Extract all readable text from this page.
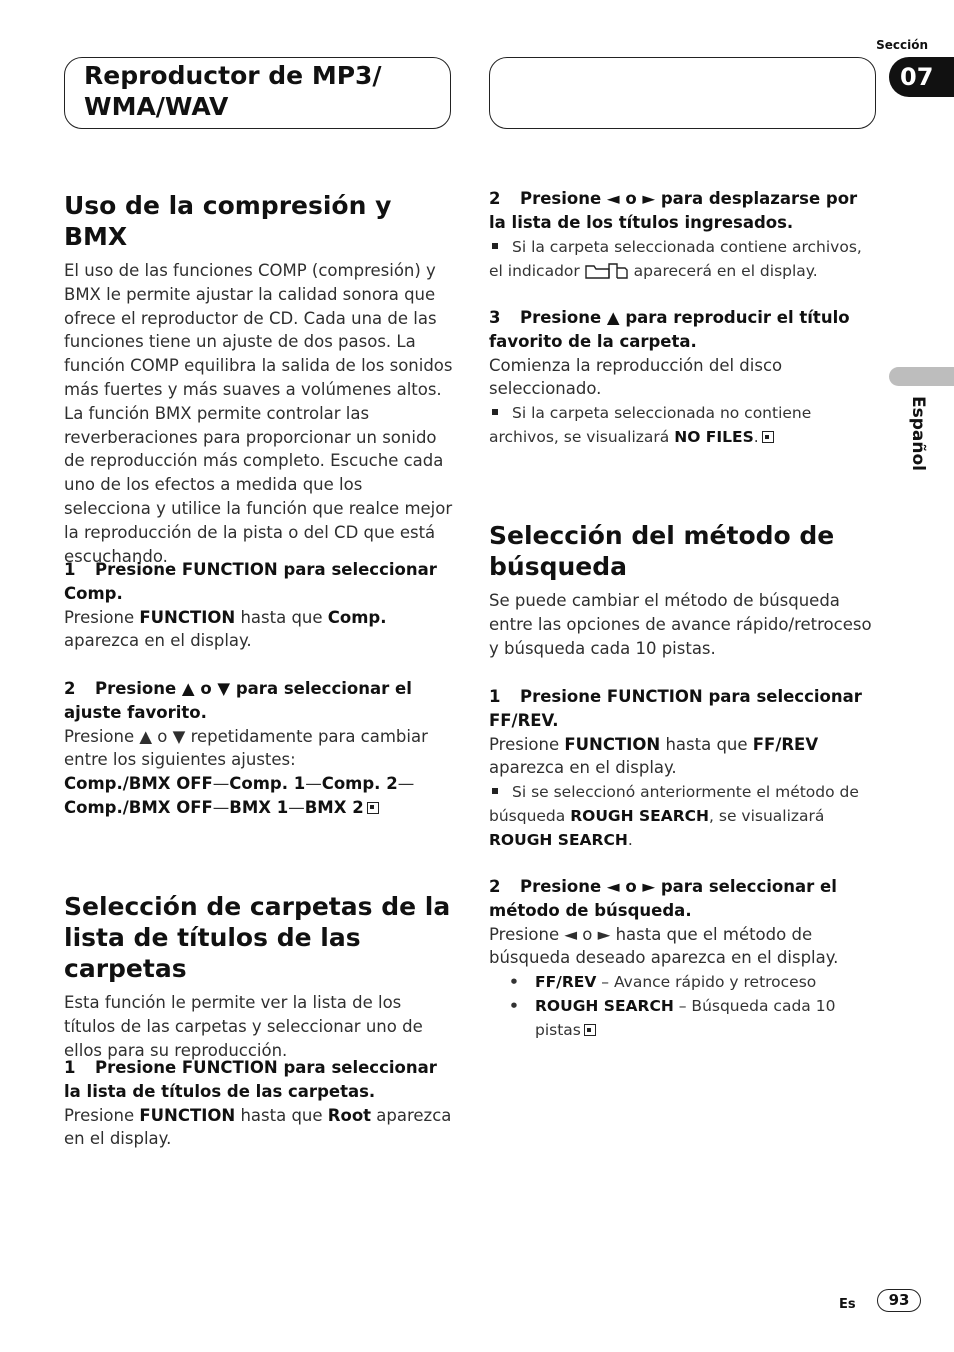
Reproductor de MP3/ WMA/WAV
Sección
07
Español
Uso de la compresión y BMX

El uso de las funciones COMP (compresión) y BMX le permite ajustar la calidad sonora que ofrece el reproductor de CD. Cada una de las funciones tiene un ajuste de dos pasos. La función COMP equilibra la salida de los sonidos más fuertes y más suaves a volúmenes altos. La función BMX permite controlar las reverberaciones para proporcionar un sonido de reproducción más completo. Escuche cada uno de los efectos a medida que los selecciona y utilice la función que realce mejor la reproducción de la pista o del CD que está escuchando.

1 Presione FUNCTION para seleccionar Comp.

Presione FUNCTION hasta que Comp. aparezca en el display.

2 Presione ▲ o ▼ para seleccionar el ajuste favorito.

Presione ▲ o ▼ repetidamente para cambiar entre los siguientes ajustes:

Comp./BMX OFF—Comp. 1—Comp. 2—
Comp./BMX OFF—BMX 1—BMX 2

Selección de carpetas de la lista de títulos de las carpetas

Esta función le permite ver la lista de los títulos de las carpetas y seleccionar uno de ellos para su reproducción.

1 Presione FUNCTION para seleccionar la lista de títulos de las carpetas.

Presione FUNCTION hasta que Root aparezca en el display.

2 Presione ◄ o ► para desplazarse por la lista de los títulos ingresados.

Si la carpeta seleccionada contiene archivos, el indicador	aparecerá en el display.

3 Presione ▲ para reproducir el título favorito de la carpeta.

Comienza la reproducción del disco seleccionado.

Si la carpeta seleccionada no contiene archivos, se visualizará NO FILES.

Selección del método de búsqueda

Se puede cambiar el método de búsqueda entre las opciones de avance rápido/retroceso y búsqueda cada 10 pistas.

1 Presione FUNCTION para seleccionar FF/REV.

Presione FUNCTION hasta que FF/REV aparezca en el display.

Si se seleccionó anteriormente el método de búsqueda ROUGH SEARCH, se visualizará ROUGH SEARCH.

2 Presione ◄ o ► para seleccionar el método de búsqueda.

Presione ◄ o ► hasta que el método de búsqueda deseado aparezca en el display.

• FF/REV – Avance rápido y retroceso

• ROUGH SEARCH – Búsqueda cada 10 pistas

Es	93
